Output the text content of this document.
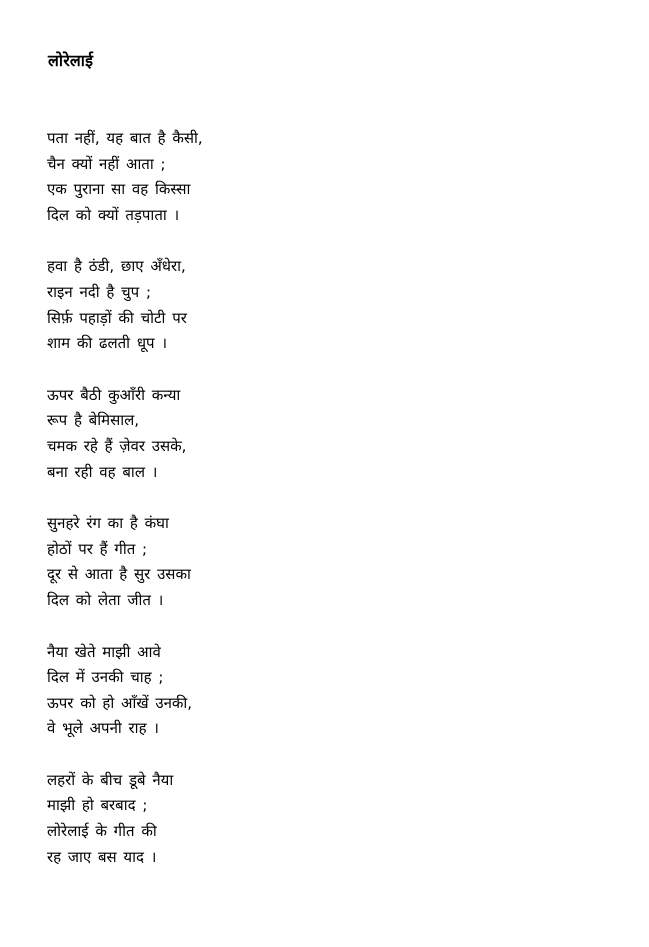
लोरेलाई
पता नहीं, यह बात है कैसी,
चैन क्यों नहीं आता ;
एक पुराना सा वह किस्सा
दिल को क्यों तड़पाता ।
हवा है ठंडी, छाए अँधेरा,
राइन नदी है चुप ;
सिर्फ़ पहाड़ों की चोटी पर
शाम की ढलती धूप ।
ऊपर बैठी कुआँरी कन्या
रूप है बेमिसाल,
चमक रहे हैं ज़ेवर उसके,
बना रही वह बाल ।
सुनहरे रंग का है कंघा
होठों पर हैं गीत ;
दूर से आता है सुर उसका
दिल को लेता जीत ।
नैया खेते माझी आवे
दिल में उनकी चाह ;
ऊपर को हो आँखें उनकी,
वे भूले अपनी राह ।
लहरों के बीच डूबे नैया
माझी हो बरबाद ;
लोरेलाई के गीत की
रह जाए बस याद ।
